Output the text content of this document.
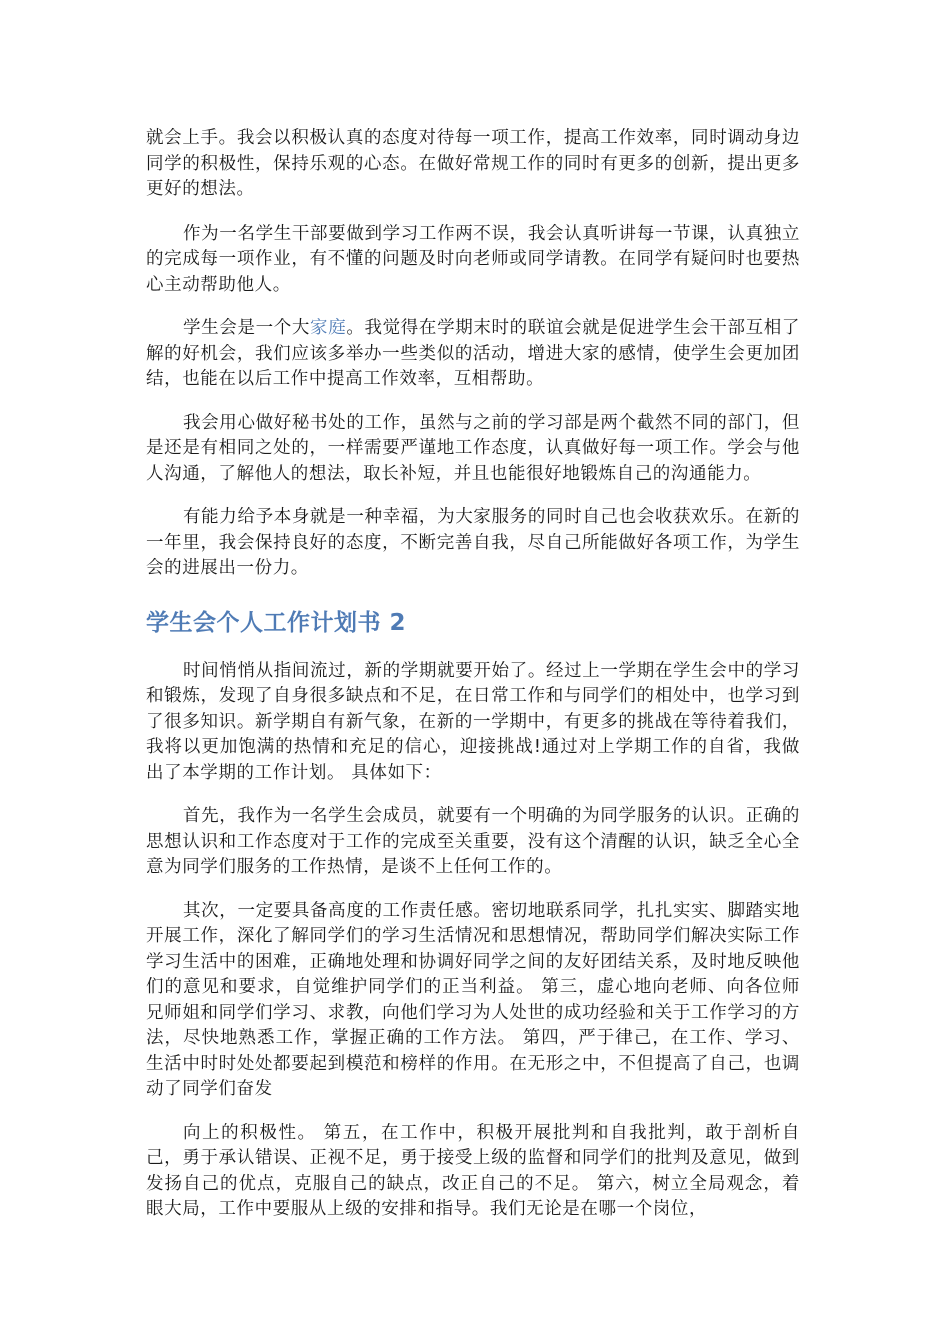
就会上手。我会以积极认真的态度对待每一项工作，提高工作效率，同时调动身边同学的积极性，保持乐观的心态。在做好常规工作的同时有更多的创新，提出更多更好的想法。

作为一名学生干部要做到学习工作两不误，我会认真听讲每一节课，认真独立的完成每一项作业，有不懂的问题及时向老师或同学请教。在同学有疑问时也要热心主动帮助他人。

学生会是一个大家庭。我觉得在学期末时的联谊会就是促进学生会干部互相了解的好机会，我们应该多举办一些类似的活动，增进大家的感情，使学生会更加团结，也能在以后工作中提高工作效率，互相帮助。

我会用心做好秘书处的工作，虽然与之前的学习部是两个截然不同的部门，但是还是有相同之处的，一样需要严谨地工作态度，认真做好每一项工作。学会与他人沟通，了解他人的想法，取长补短，并且也能很好地锻炼自己的沟通能力。

有能力给予本身就是一种幸福，为大家服务的同时自己也会收获欢乐。在新的一年里，我会保持良好的态度，不断完善自我，尽自己所能做好各项工作，为学生会的进展出一份力。

学生会个人工作计划书 2

时间悄悄从指间流过，新的学期就要开始了。经过上一学期在学生会中的学习和锻炼，发现了自身很多缺点和不足，在日常工作和与同学们的相处中，也学习到了很多知识。新学期自有新气象，在新的一学期中，有更多的挑战在等待着我们，我将以更加饱满的热情和充足的信心，迎接挑战!通过对上学期工作的自省，我做出了本学期的工作计划。 具体如下：

首先，我作为一名学生会成员，就要有一个明确的为同学服务的认识。正确的思想认识和工作态度对于工作的完成至关重要，没有这个清醒的认识，缺乏全心全意为同学们服务的工作热情，是谈不上任何工作的。

其次，一定要具备高度的工作责任感。密切地联系同学，扎扎实实、脚踏实地开展工作，深化了解同学们的学习生活情况和思想情况，帮助同学们解决实际工作学习生活中的困难，正确地处理和协调好同学之间的友好团结关系，及时地反映他们的意见和要求，自觉维护同学们的正当利益。 第三，虚心地向老师、向各位师兄师姐和同学们学习、求教，向他们学习为人处世的成功经验和关于工作学习的方法，尽快地熟悉工作，掌握正确的工作方法。 第四，严于律己，在工作、学习、生活中时时处处都要起到模范和榜样的作用。在无形之中，不但提高了自己，也调动了同学们奋发

向上的积极性。 第五，在工作中，积极开展批判和自我批判，敢于剖析自己，勇于承认错误、正视不足，勇于接受上级的监督和同学们的批判及意见，做到发扬自己的优点，克服自己的缺点，改正自己的不足。 第六，树立全局观念，着眼大局，工作中要服从上级的安排和指导。我们无论是在哪一个岗位，
